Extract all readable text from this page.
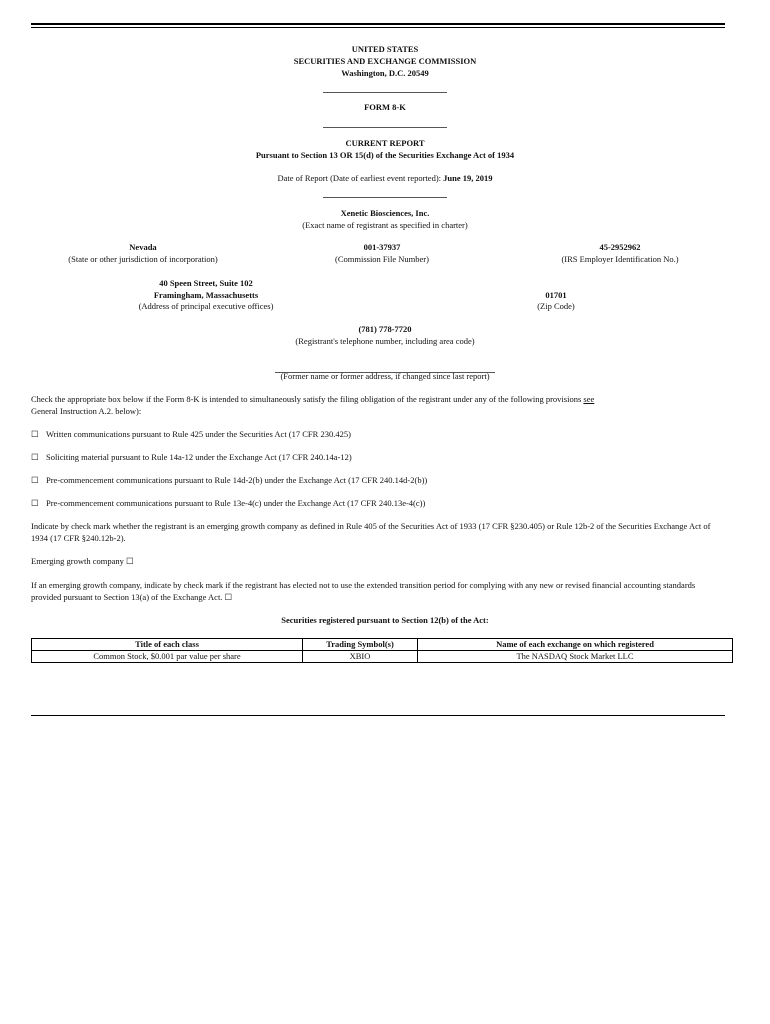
UNITED STATES
SECURITIES AND EXCHANGE COMMISSION
Washington, D.C. 20549
FORM 8-K
CURRENT REPORT
Pursuant to Section 13 OR 15(d) of the Securities Exchange Act of 1934
Date of Report (Date of earliest event reported): June 19, 2019
Xenetic Biosciences, Inc.
(Exact name of registrant as specified in charter)
Nevada
(State or other jurisdiction of incorporation)
001-37937
(Commission File Number)
45-2952962
(IRS Employer Identification No.)
40 Speen Street, Suite 102
Framingham, Massachusetts
(Address of principal executive offices)
01701
(Zip Code)
(781) 778-7720
(Registrant's telephone number, including area code)
(Former name or former address, if changed since last report)
Check the appropriate box below if the Form 8-K is intended to simultaneously satisfy the filing obligation of the registrant under any of the following provisions see
General Instruction A.2. below):
☐ Written communications pursuant to Rule 425 under the Securities Act (17 CFR 230.425)
☐ Soliciting material pursuant to Rule 14a-12 under the Exchange Act (17 CFR 240.14a-12)
☐ Pre-commencement communications pursuant to Rule 14d-2(b) under the Exchange Act (17 CFR 240.14d-2(b))
☐ Pre-commencement communications pursuant to Rule 13e-4(c) under the Exchange Act (17 CFR 240.13e-4(c))
Indicate by check mark whether the registrant is an emerging growth company as defined in Rule 405 of the Securities Act of 1933 (17 CFR §230.405) or Rule 12b-2 of the Securities Exchange Act of 1934 (17 CFR §240.12b-2).
Emerging growth company ☐
If an emerging growth company, indicate by check mark if the registrant has elected not to use the extended transition period for complying with any new or revised financial accounting standards provided pursuant to Section 13(a) of the Exchange Act. ☐
Securities registered pursuant to Section 12(b) of the Act:
Title of each class	Trading Symbol(s)	Name of each exchange on which registered
Common Stock, $0.001 par value per share	XBIO	The NASDAQ Stock Market LLC
